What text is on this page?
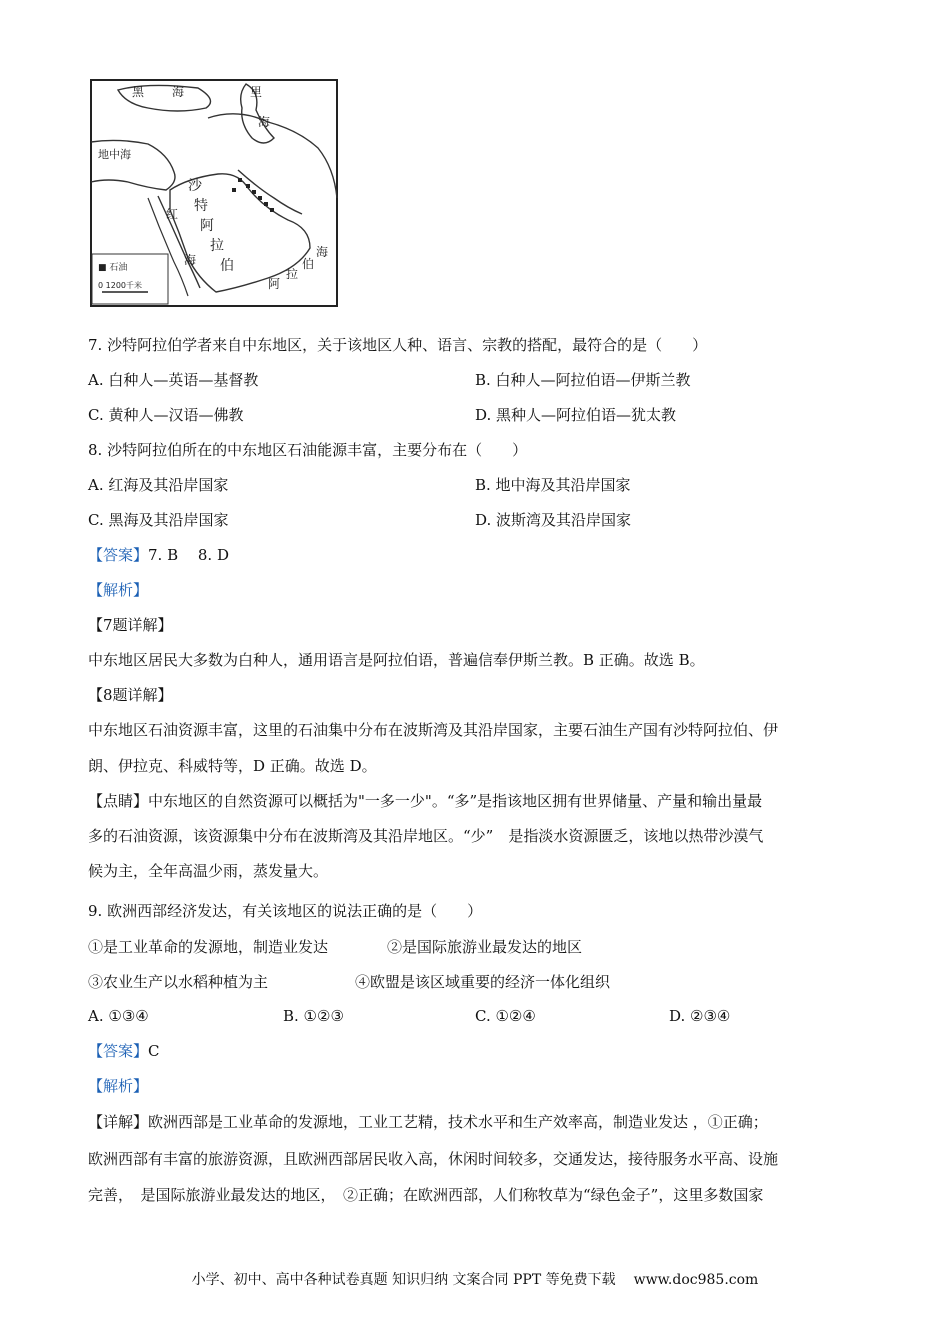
黑 海	里
海
地中海
沙
特
阿
拉
伯
红
海
海
伯
拉
阿
■ 石油
0 1200千米
7. 沙特阿拉伯学者来自中东地区，关于该地区人种、语言、宗教的搭配，最符合的是（　　）
A. 白种人—英语—基督教	B. 白种人—阿拉伯语—伊斯兰教
C. 黄种人—汉语—佛教	D. 黑种人—阿拉伯语—犹太教
8. 沙特阿拉伯所在的中东地区石油能源丰富，主要分布在（　　）
A. 红海及其沿岸国家	B. 地中海及其沿岸国家
C. 黑海及其沿岸国家	D. 波斯湾及其沿岸国家
【答案】7. B　 8. D
【解析】
【7题详解】
中东地区居民大多数为白种人，通用语言是阿拉伯语，普遍信奉伊斯兰教。B 正确。故选 B。
【8题详解】
中东地区石油资源丰富，这里的石油集中分布在波斯湾及其沿岸国家，主要石油生产国有沙特阿拉伯、伊
朗、伊拉克、科威特等，D 正确。故选 D。
【点睛】中东地区的自然资源可以概括为"一多一少"。“多”是指该地区拥有世界储量、产量和输出量最
多的石油资源，该资源集中分布在波斯湾及其沿岸地区。“少”　是指淡水资源匮乏，该地以热带沙漠气
候为主，全年高温少雨，蒸发量大。
9. 欧洲西部经济发达，有关该地区的说法正确的是（　　）
①是工业革命的发源地，制造业发达	②是国际旅游业最发达的地区
③农业生产以水稻种植为主	④欧盟是该区域重要的经济一体化组织
A. ①③④	B. ①②③	C. ①②④	D. ②③④
【答案】C
【解析】
【详解】欧洲西部是工业革命的发源地，工业工艺精，技术水平和生产效率高，制造业发达 ，①正确；
欧洲西部有丰富的旅游资源，且欧洲西部居民收入高，休闲时间较多，交通发达，接待服务水平高、设施
完善，　是国际旅游业最发达的地区，　②正确；在欧洲西部，人们称牧草为“绿色金子”，这里多数国家
小学、初中、高中各种试卷真题 知识归纳 文案合同 PPT 等免费下载 www.doc985.com
